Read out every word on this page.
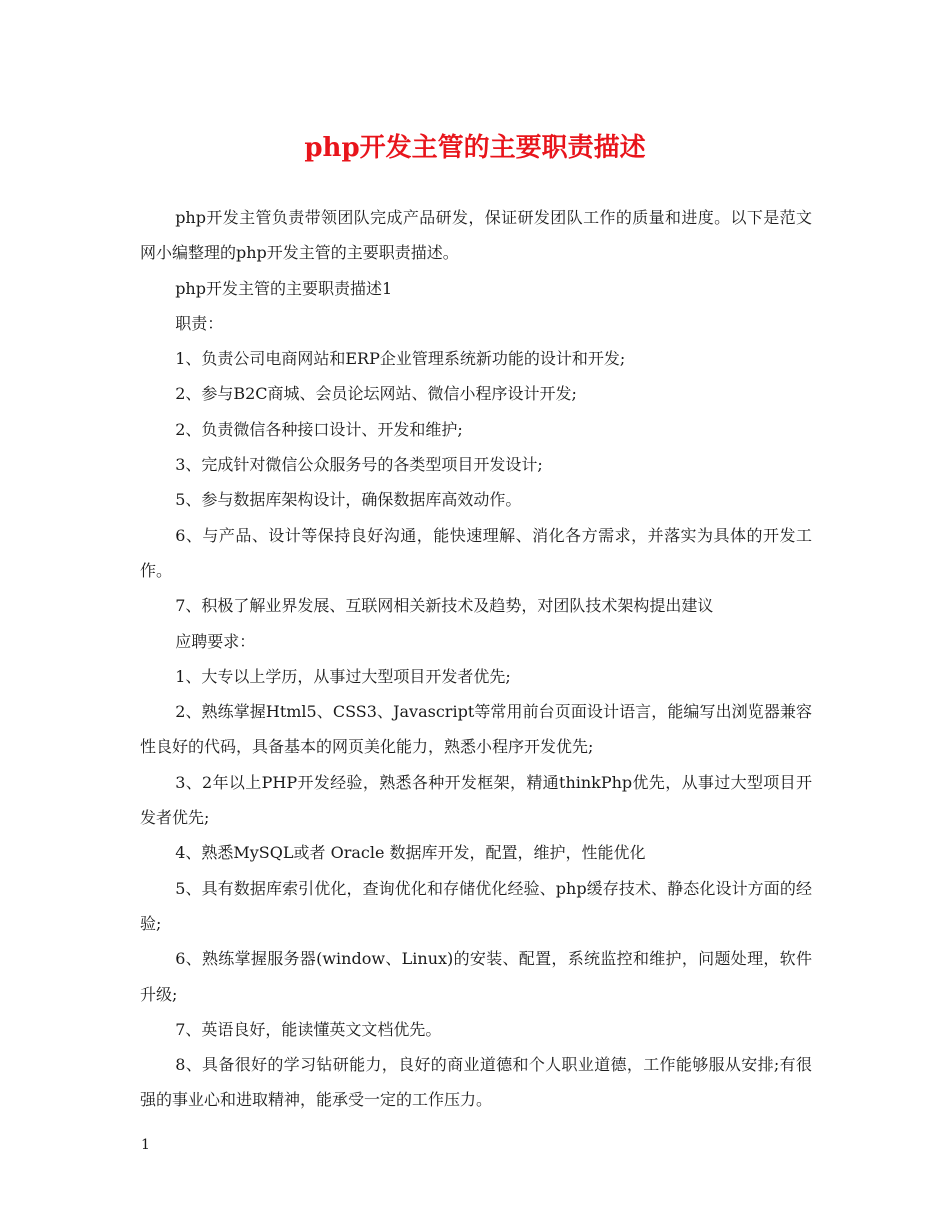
php开发主管的主要职责描述

php开发主管负责带领团队完成产品研发，保证研发团队工作的质量和进度。以下是范文网小编整理的php开发主管的主要职责描述。

php开发主管的主要职责描述1

职责：

1、负责公司电商网站和ERP企业管理系统新功能的设计和开发;

2、参与B2C商城、会员论坛网站、微信小程序设计开发;

2、负责微信各种接口设计、开发和维护;

3、完成针对微信公众服务号的各类型项目开发设计;

5、参与数据库架构设计，确保数据库高效动作。

6、与产品、设计等保持良好沟通，能快速理解、消化各方需求，并落实为具体的开发工作。

7、积极了解业界发展、互联网相关新技术及趋势，对团队技术架构提出建议

应聘要求：

1、大专以上学历，从事过大型项目开发者优先;

2、熟练掌握Html5、CSS3、Javascript等常用前台页面设计语言，能编写出浏览器兼容性良好的代码，具备基本的网页美化能力，熟悉小程序开发优先;

3、2年以上PHP开发经验，熟悉各种开发框架，精通thinkPhp优先，从事过大型项目开发者优先;

4、熟悉MySQL或者 Oracle 数据库开发，配置，维护，性能优化

5、具有数据库索引优化，查询优化和存储优化经验、php缓存技术、静态化设计方面的经验;

6、熟练掌握服务器(window、Linux)的安装、配置，系统监控和维护，问题处理，软件升级;

7、英语良好，能读懂英文文档优先。

8、具备很好的学习钻研能力，良好的商业道德和个人职业道德，工作能够服从安排;有很强的事业心和进取精神，能承受一定的工作压力。

1
